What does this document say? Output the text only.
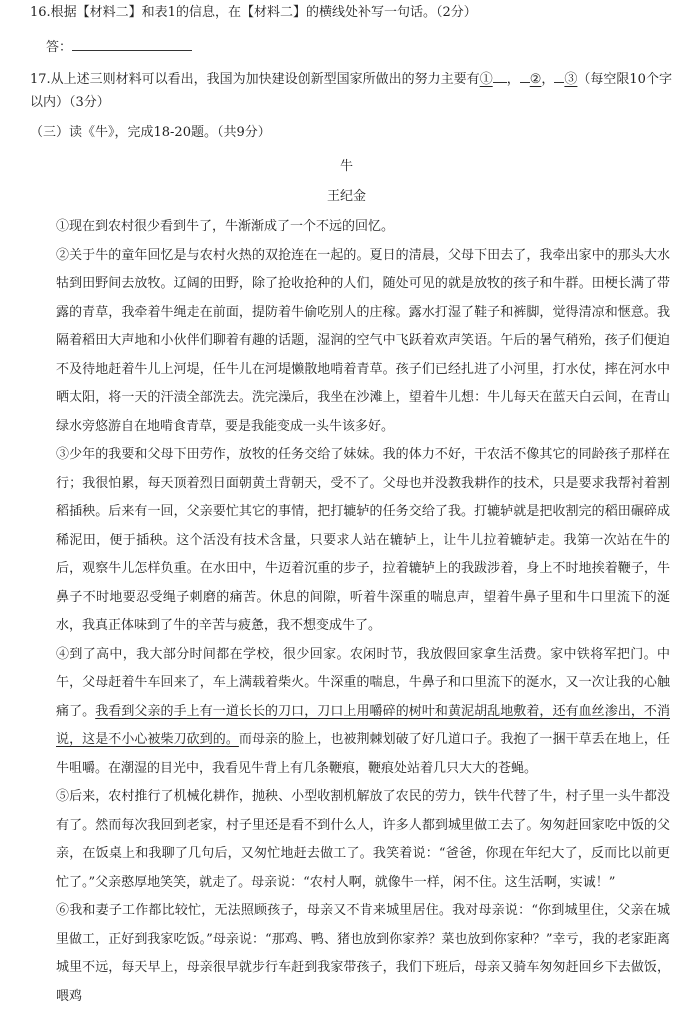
16.根据【材料二】和表1的信息，在【材料二】的横线处补写一句话。（2分）
答：
17.从上述三则材料可以看出，我国为加快建设创新型国家所做出的努力主要有① ， ②， ③（每空限10个字
以内）（3分）
（三）读《牛》，完成18-20题。（共9分）
牛
王纪金

①现在到农村很少看到牛了，牛渐渐成了一个不远的回忆。

②关于牛的童年回忆是与农村火热的双抢连在一起的。夏日的清晨，父母下田去了，我牵出家中的那头大水牯到田野间去放牧。辽阔的田野，除了抢收抢种的人们，随处可见的就是放牧的孩子和牛群。田梗长满了带露的青草，我牵着牛绳走在前面，提防着牛偷吃别人的庄稼。露水打湿了鞋子和裤脚，觉得清凉和惬意。我隔着稻田大声地和小伙伴们聊着有趣的话题，湿润的空气中飞跃着欢声笑语。午后的暑气稍殆，孩子们便迫不及待地赶着牛儿上河堤，任牛儿在河堤懒散地啃着青草。孩子们已经扎进了小河里，打水仗，摔在河水中晒太阳，将一天的汗渍全部洗去。洗完澡后，我坐在沙滩上，望着牛儿想：牛儿每天在蓝天白云间，在青山绿水旁悠游自在地啃食青草，要是我能变成一头牛该多好。

③少年的我要和父母下田劳作，放牧的任务交给了妹妹。我的体力不好，干农活不像其它的同龄孩子那样在行；我很怕累，每天顶着烈日面朝黄土背朝天，受不了。父母也并没教我耕作的技术，只是要求我帮衬着割稻插秧。后来有一回，父亲要忙其它的事情，把打辘轳的任务交给了我。打辘轳就是把收割完的稻田碾碎成稀泥田，便于插秧。这个活没有技术含量，只要求人站在辘轳上，让牛儿拉着辘轳走。我第一次站在牛的后，观察牛儿怎样负重。在水田中，牛迈着沉重的步子，拉着辘轳上的我跋涉着，身上不时地挨着鞭子，牛鼻子不时地要忍受绳子刺磨的痛苦。休息的间隙，听着牛深重的喘息声，望着牛鼻子里和牛口里流下的涎水，我真正体味到了牛的辛苦与疲惫，我不想变成牛了。

④到了高中，我大部分时间都在学校，很少回家。农闲时节，我放假回家拿生活费。家中铁将军把门。中午，父母赶着牛车回来了，车上满载着柴火。牛深重的喘息，牛鼻子和口里流下的涎水，又一次让我的心触痛了。我看到父亲的手上有一道长长的刀口，刀口上用嚼碎的树叶和黄泥胡乱地敷着，还有血丝渗出，不消说，这是不小心被柴刀砍到的。而母亲的脸上，也被荆棘划破了好几道口子。我抱了一捆干草丢在地上，任牛咀嚼。在潮湿的目光中，我看见牛背上有几条鞭痕，鞭痕处站着几只大大的苍蝇。

⑤后来，农村推行了机械化耕作，抛秧、小型收割机解放了农民的劳力，铁牛代替了牛，村子里一头牛都没有了。然而每次我回到老家，村子里还是看不到什么人，许多人都到城里做工去了。匆匆赶回家吃中饭的父亲，在饭桌上和我聊了几句后，又匆忙地赶去做工了。我笑着说：“爸爸，你现在年纪大了，反而比以前更忙了。”父亲憨厚地笑笑，就走了。母亲说：“农村人啊，就像牛一样，闲不住。这生活啊，实诚！”

⑥我和妻子工作都比较忙，无法照顾孩子，母亲又不肯来城里居住。我对母亲说：“你到城里住，父亲在城里做工，正好到我家吃饭。”母亲说：“那鸡、鸭、猪也放到你家养？菜也放到你家种？”幸亏，我的老家距离城里不远，每天早上，母亲很早就步行车赶到我家带孩子，我们下班后，母亲又骑车匆匆赶回乡下去做饭，喂鸡
